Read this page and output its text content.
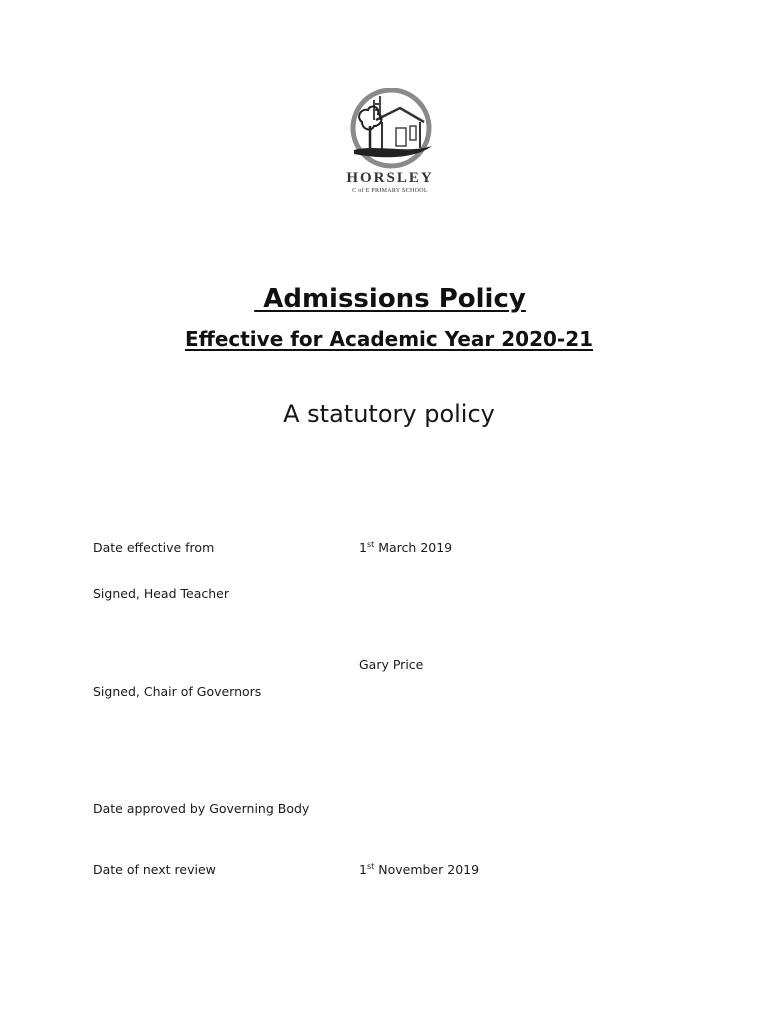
HORSLEY
C of E PRIMARY SCHOOL
Admissions Policy
Effective for Academic Year 2020-21
A statutory policy
Date effective from	1st March 2019
Signed, Head Teacher
Gary Price
Signed, Chair of Governors
Date approved by Governing Body
Date of next review	1st November 2019
